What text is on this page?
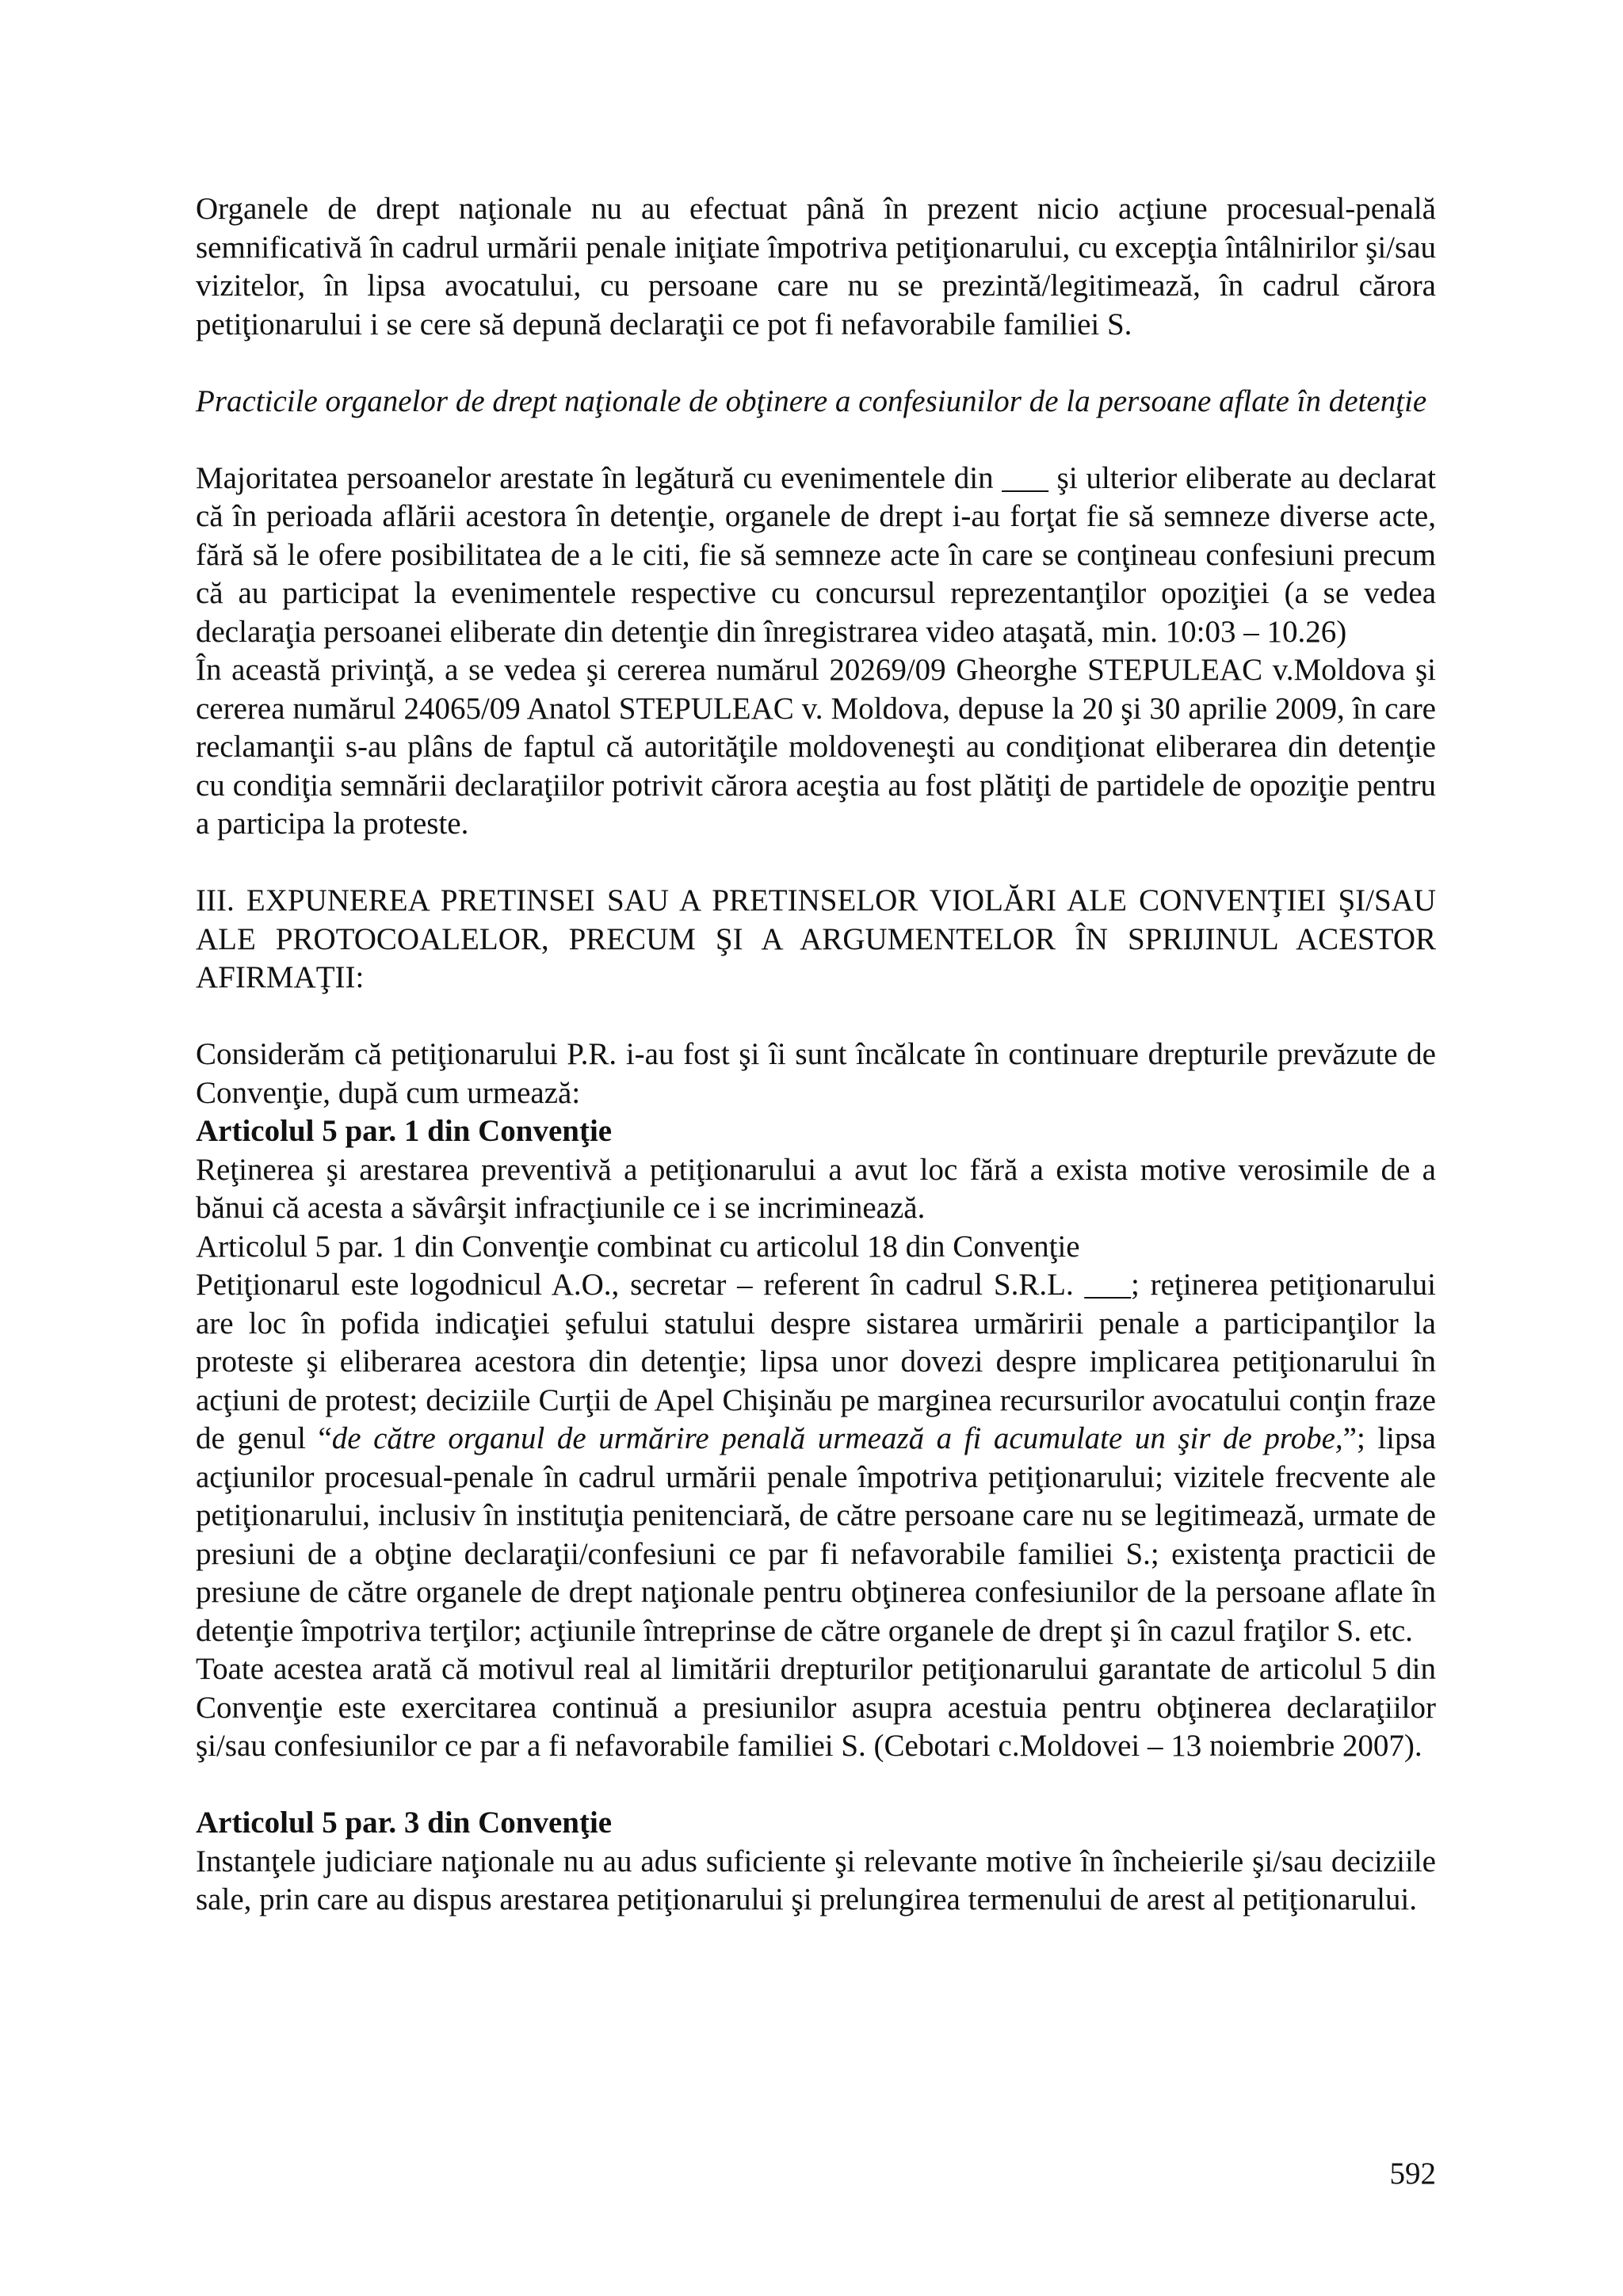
Organele de drept naţionale nu au efectuat până în prezent nicio acţiune procesual-penală semnificativă în cadrul urmării penale iniţiate împotriva petiţionarului, cu excepţia întâlnirilor şi/sau vizitelor, în lipsa avocatului, cu persoane care nu se prezintă/legitimează, în cadrul cărora petiţionarului i se cere să depună declaraţii ce pot fi nefavorabile familiei S.

Practicile organelor de drept naţionale de obţinere a confesiunilor de la persoane aflate în detenţie

Majoritatea persoanelor arestate în legătură cu evenimentele din ___ şi ulterior eliberate au declarat că în perioada aflării acestora în detenţie, organele de drept i-au forţat fie să semneze diverse acte, fără să le ofere posibilitatea de a le citi, fie să semneze acte în care se conţineau confesiuni precum că au participat la evenimentele respective cu concursul reprezentanţilor opoziţiei (a se vedea declaraţia persoanei eliberate din detenţie din înregistrarea video ataşată, min. 10:03 – 10.26)

În această privinţă, a se vedea şi cererea numărul 20269/09 Gheorghe STEPULEAC v.Moldova şi cererea numărul 24065/09 Anatol STEPULEAC v. Moldova, depuse la 20 şi 30 aprilie 2009, în care reclamanţii s-au plâns de faptul că autorităţile moldoveneşti au condiţionat eliberarea din detenţie cu condiţia semnării declaraţiilor potrivit cărora aceştia au fost plătiţi de partidele de opoziţie pentru a participa la proteste.

III. EXPUNEREA PRETINSEI SAU A PRETINSELOR VIOLĂRI ALE CONVENŢIEI ŞI/SAU ALE PROTOCOALELOR, PRECUM ŞI A ARGUMENTELOR ÎN SPRIJINUL ACESTOR AFIRMAŢII:

Considerăm că petiţionarului P.R. i-au fost şi îi sunt încălcate în continuare drepturile prevăzute de Convenţie, după cum urmează:

Articolul 5 par. 1 din Convenţie

Reţinerea şi arestarea preventivă a petiţionarului a avut loc fără a exista motive verosimile de a bănui că acesta a săvârşit infracţiunile ce i se incriminează.

Articolul 5 par. 1 din Convenţie combinat cu articolul 18 din Convenţie

Petiţionarul este logodnicul A.O., secretar – referent în cadrul S.R.L. ___; reţinerea petiţionarului are loc în pofida indicaţiei şefului statului despre sistarea urmăririi penale a participanţilor la proteste şi eliberarea acestora din detenţie; lipsa unor dovezi despre implicarea petiţionarului în acţiuni de protest; deciziile Curţii de Apel Chişinău pe marginea recursurilor avocatului conţin fraze de genul “de către organul de urmărire penală urmează a fi acumulate un şir de probe,”; lipsa acţiunilor procesual-penale în cadrul urmării penale împotriva petiţionarului; vizitele frecvente ale petiţionarului, inclusiv în instituţia penitenciară, de către persoane care nu se legitimează, urmate de presiuni de a obţine declaraţii/confesiuni ce par fi nefavorabile familiei S.; existenţa practicii de presiune de către organele de drept naţionale pentru obţinerea confesiunilor de la persoane aflate în detenţie împotriva terţilor; acţiunile întreprinse de către organele de drept şi în cazul fraţilor S. etc.

Toate acestea arată că motivul real al limitării drepturilor petiţionarului garantate de articolul 5 din Convenţie este exercitarea continuă a presiunilor asupra acestuia pentru obţinerea declaraţiilor şi/sau confesiunilor ce par a fi nefavorabile familiei S. (Cebotari c.Moldovei – 13 noiembrie 2007).

Articolul 5 par. 3 din Convenţie

Instanţele judiciare naţionale nu au adus suficiente şi relevante motive în încheierile şi/sau deciziile sale, prin care au dispus arestarea petiţionarului şi prelungirea termenului de arest al petiţionarului.

592
